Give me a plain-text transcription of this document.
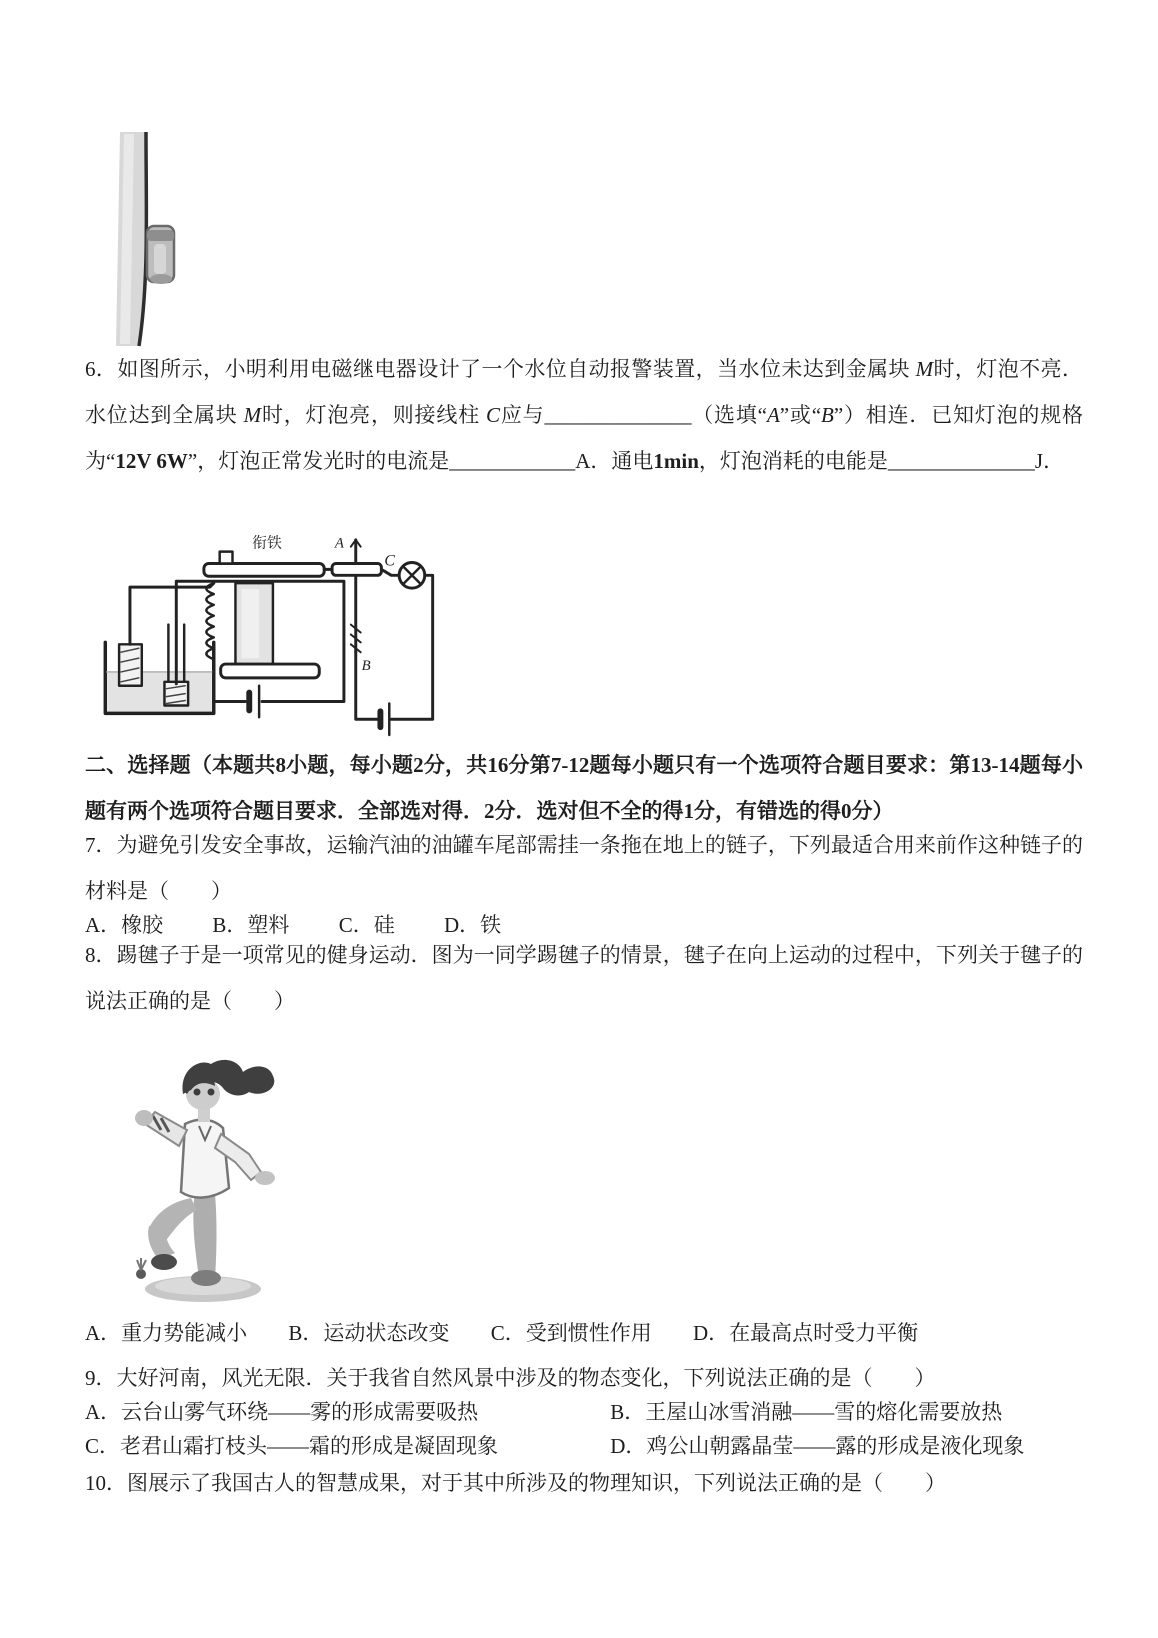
6．如图所示，小明利用电磁继电器设计了一个水位自动报警装置，当水位未达到金属块 M时，灯泡不亮．水位达到全属块 M时，灯泡亮，则接线柱 C应与______________（选填“A”或“B”）相连．已知灯泡的规格为“12V 6W”，灯泡正常发光时的电流是____________A．通电1min，灯泡消耗的电能是______________J．
衔铁	A
B
C
二、选择题（本题共8小题，每小题2分，共16分第7-12题每小题只有一个选项符合题目要求：第13-14题每小题有两个选项符合题目要求．全部选对得．2分．选对但不全的得1分，有错选的得0分）
7．为避免引发安全事故，运输汽油的油罐车尾部需挂一条拖在地上的链子，下列最适合用来前作这种链子的材料是（　　）
A．橡胶 B．塑料 C．硅 D．铁
8．踢毽子于是一项常见的健身运动．图为一同学踢毽子的情景，毽子在向上运动的过程中，下列关于毽子的说法正确的是（　　）
A．重力势能减小 B．运动状态改变 C．受到惯性作用 D．在最高点时受力平衡
9．大好河南，风光无限．关于我省自然风景中涉及的物态变化，下列说法正确的是（　　）
A．云台山雾气环绕——雾的形成需要吸热	B．王屋山冰雪消融——雪的熔化需要放热
C．老君山霜打枝头——霜的形成是凝固现象	D．鸡公山朝露晶莹——露的形成是液化现象
10．图展示了我国古人的智慧成果，对于其中所涉及的物理知识，下列说法正确的是（　　）
